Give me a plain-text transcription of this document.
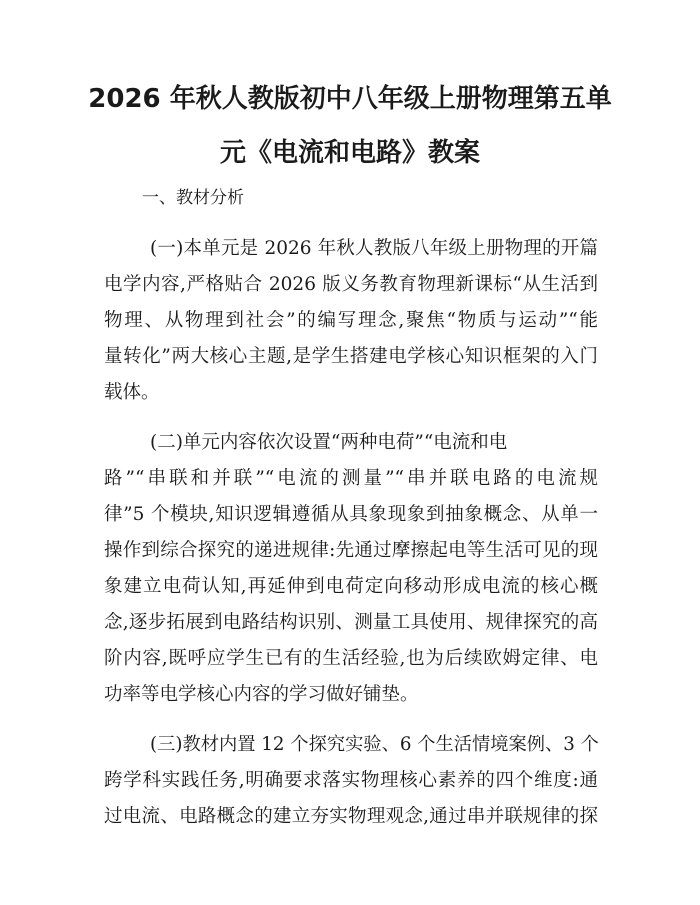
2026 年秋人教版初中八年级上册物理第五单
元《电流和电路》教案
一、教材分析
(一)本单元是 2026 年秋人教版八年级上册物理的开篇
电学内容,严格贴合 2026 版义务教育物理新课标“从生活到
物理、从物理到社会”的编写理念,聚焦“物质与运动”“能
量转化”两大核心主题,是学生搭建电学核心知识框架的入门
载体。
(二)单元内容依次设置“两种电荷”“电流和电
路”“串联和并联”“电流的测量”“串并联电路的电流规
律”5 个模块,知识逻辑遵循从具象现象到抽象概念、从单一
操作到综合探究的递进规律:先通过摩擦起电等生活可见的现
象建立电荷认知,再延伸到电荷定向移动形成电流的核心概
念,逐步拓展到电路结构识别、测量工具使用、规律探究的高
阶内容,既呼应学生已有的生活经验,也为后续欧姆定律、电
功率等电学核心内容的学习做好铺垫。
(三)教材内置 12 个探究实验、6 个生活情境案例、3 个
跨学科实践任务,明确要求落实物理核心素养的四个维度:通
过电流、电路概念的建立夯实物理观念,通过串并联规律的探
